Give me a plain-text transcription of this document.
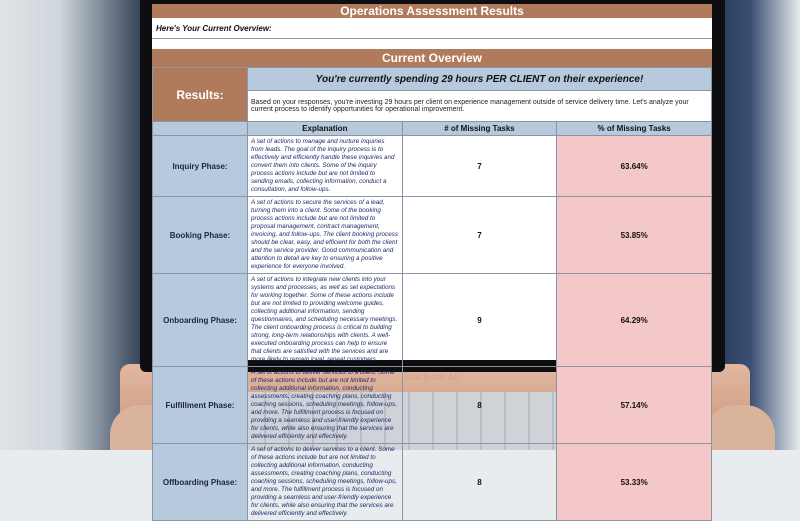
Operations Assessment Results
Here's Your Current Overview:
Current Overview
Results:	You're currently spending 29 hours PER CLIENT on their experience!		
	Based on your responses, you're investing 29 hours per client on experience management outside of service delivery time. Let's analyze your current process to identify opportunities for operational improvement.		
	Explanation	# of Missing Tasks	% of Missing Tasks
Inquiry Phase:	A set of actions to manage and nurture inquiries from leads. The goal of the inquiry process is to effectively and efficiently handle these inquiries and convert them into clients. Some of the inquiry process actions include but are not limited to sending emails, collecting information, conduct a consultation, and follow-ups.	7	63.64%
Booking Phase:	A set of actions to secure the services of a lead, turning them into a client. Some of the booking process actions include but are not limited to proposal management, contract management, invoicing, and follow-ups. The client booking process should be clear, easy, and efficient for both the client and the service provider. Good communication and attention to detail are key to ensuring a positive experience for everyone involved.	7	53.85%
Onboarding Phase:	A set of actions to integrate new clients into your systems and processes, as well as set expectations for working together. Some of these actions include but are not limited to providing welcome guides, collecting additional information, sending questionnaires, and scheduling necessary meetings. The client onboarding process is critical to building strong, long-term relationships with clients. A well-executed onboarding process can help to ensure that clients are satisfied with the services and are more likely to remain loyal, repeat customers.	9	64.29%
Fulfillment Phase:	A set of actions to deliver services to a client. Some of these actions include but are not limited to collecting additional information, conducting assessments, creating coaching plans, conducting coaching sessions, scheduling meetings, follow-ups, and more. The fulfillment process is focused on providing a seamless and user-friendly experience for clients, while also ensuring that the services are delivered efficiently and effectively.	8	57.14%
Offboarding Phase:	A set of actions to deliver services to a client. Some of these actions include but are not limited to collecting additional information, conducting assessments, creating coaching plans, conducting coaching sessions, scheduling meetings, follow-ups, and more. The fulfillment process is focused on providing a seamless and user-friendly experience for clients, while also ensuring that the services are delivered efficiently and effectively.	8	53.33%
MacBook Air
